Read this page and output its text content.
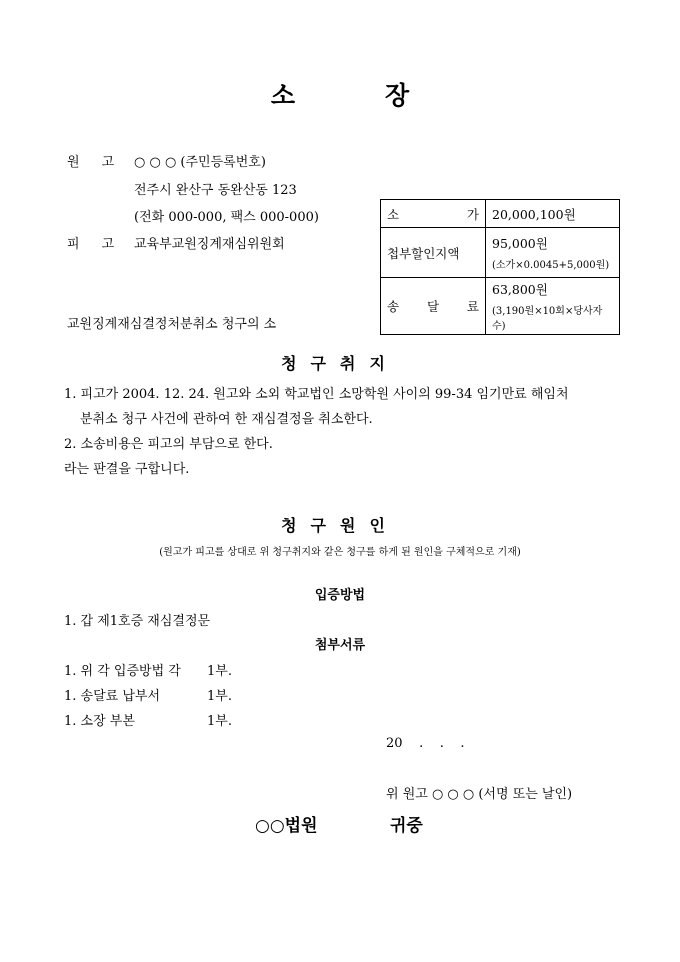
소	장
원 고 ○ ○ ○ (주민등록번호)
전주시 완산구 동완산동 123
(전화 000-000, 팩스 000-000)
피 고 교육부교원징계재심위원회
소 가	20,000,100원
첩부할인지액	95,000원
(소가×0.0045+5,000원)

송 달 료	63,800원
(3,190원×10회×당사자수)
교원징계재심결정처분취소 청구의 소
청구취지
1. 피고가 2004. 12. 24. 원고와 소외 학교법인 소망학원 사이의 99-34 임기만료 해임처
분취소 청구 사건에 관하여 한 재심결정을 취소한다.
2. 소송비용은 피고의 부담으로 한다.
라는 판결을 구합니다.
청구원인
(원고가 피고를 상대로 위 청구취지와 같은 청구를 하게 된 원인을 구체적으로 기재)
입증방법
1. 갑 제1호증 재심결정문
첨부서류
1. 위 각 입증방법 각 1부.
1. 송달료 납부서	1부.
1. 소장 부본	1부.
20    .    .    .
위 원고 ○ ○ ○ (서명 또는 날인)
○○법원	귀중
